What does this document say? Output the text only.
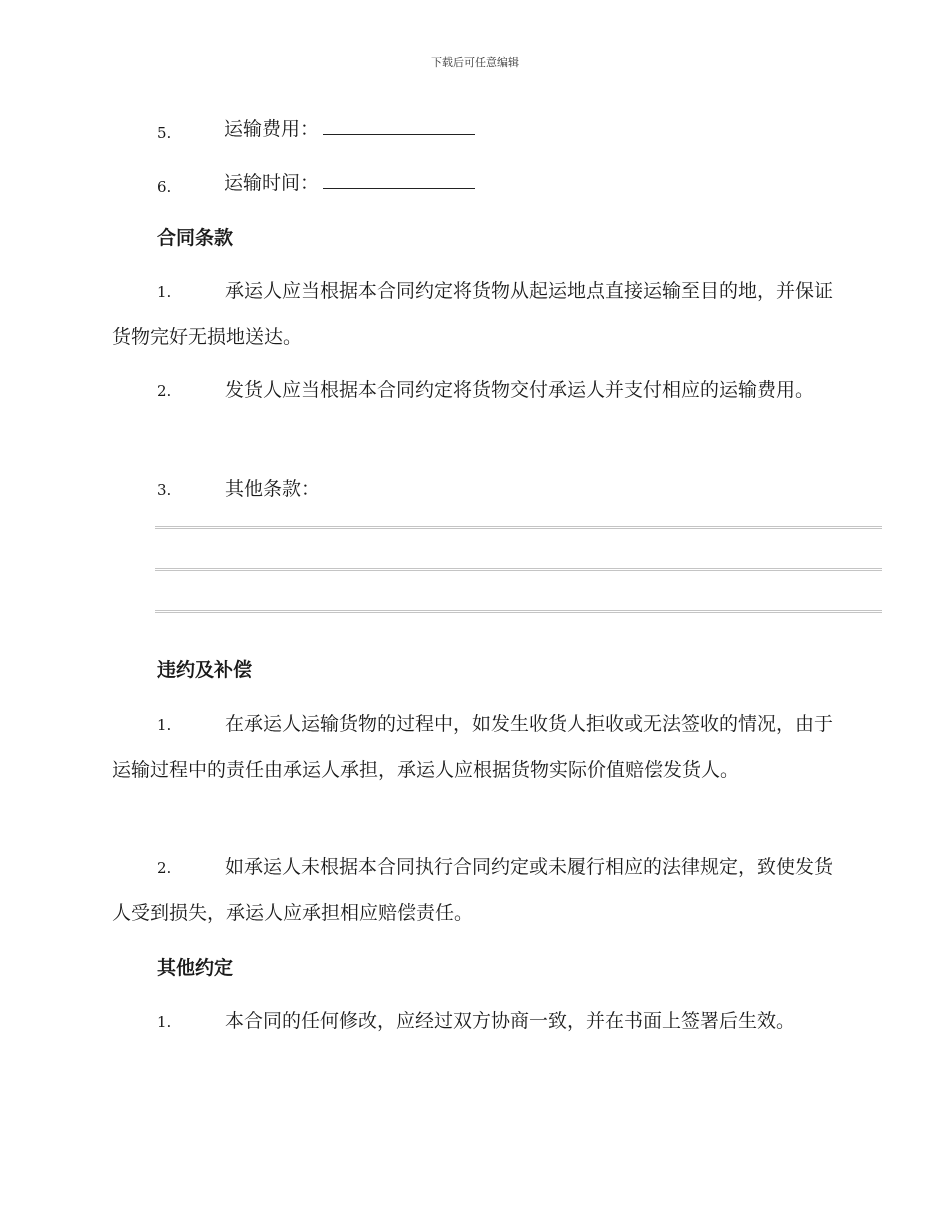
下载后可任意编辑
5.	运输费用：
6.	运输时间：
合同条款
1.	承运人应当根据本合同约定将货物从起运地点直接运输至目的地，并保证货物完好无损地送达。
2.	发货人应当根据本合同约定将货物交付承运人并支付相应的运输费用。
3.	其他条款：
违约及补偿
1.	在承运人运输货物的过程中，如发生收货人拒收或无法签收的情况，由于运输过程中的责任由承运人承担，承运人应根据货物实际价值赔偿发货人。
2.	如承运人未根据本合同执行合同约定或未履行相应的法律规定，致使发货人受到损失，承运人应承担相应赔偿责任。
其他约定
1.	本合同的任何修改，应经过双方协商一致，并在书面上签署后生效。
